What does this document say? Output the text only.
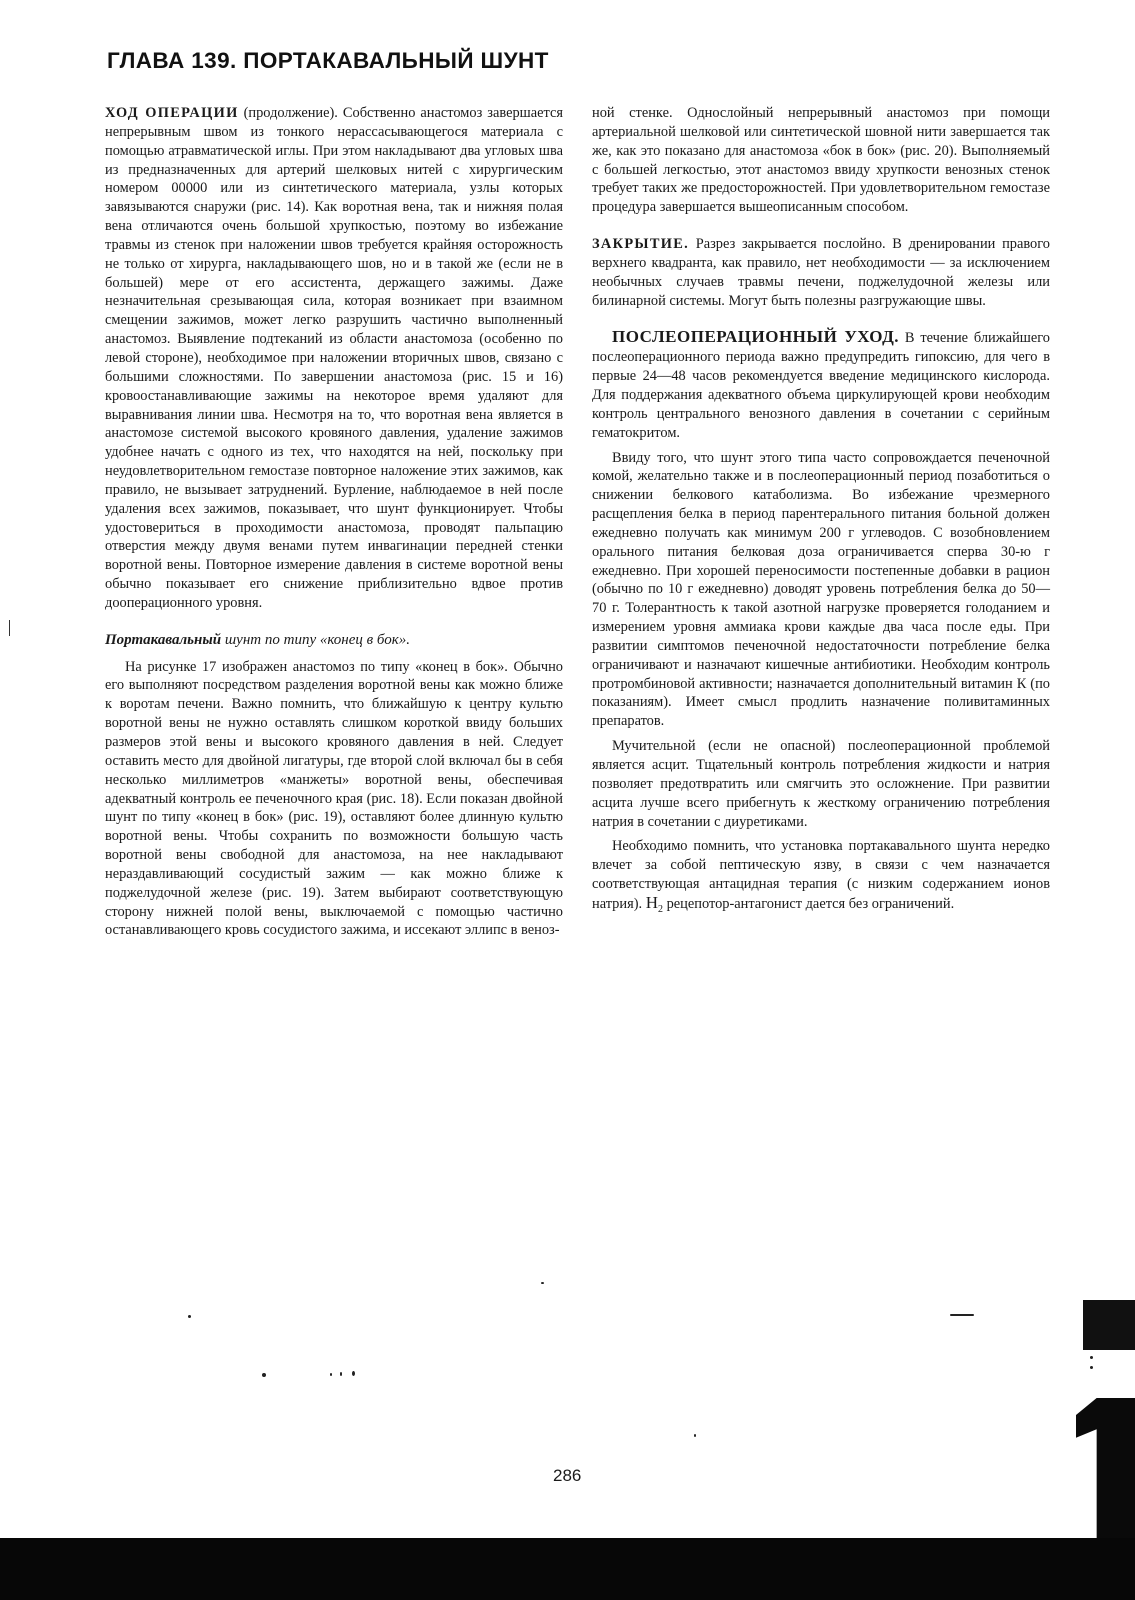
ГЛАВА 139. ПОРТАКАВАЛЬНЫЙ ШУНТ

ХОД ОПЕРАЦИИ (продолжение). Собственно анастомоз завершается непрерывным швом из тонкого нерассасывающегося материала с помощью атравматической иглы. При этом накладывают два угловых шва из предназначенных для артерий шелковых нитей с хирургическим номером 00000 или из синтетического материала, узлы которых завязываются снаружи (рис. 14). Как воротная вена, так и нижняя полая вена отличаются очень большой хрупкостью, поэтому во избежание травмы из стенок при наложении швов требуется крайняя осторожность не только от хирурга, накладывающего шов, но и в такой же (если не в большей) мере от его ассистента, держащего зажимы. Даже незначительная срезывающая сила, которая возникает при взаимном смещении зажимов, может легко разрушить частично выполненный анастомоз. Выявление подтеканий из области анастомоза (особенно по левой стороне), необходимое при наложении вторичных швов, связано с большими сложностями. По завершении анастомоза (рис. 15 и 16) кровоостанавливающие зажимы на некоторое время удаляют для выравнивания линии шва. Несмотря на то, что воротная вена является в анастомозе системой высокого кровяного давления, удаление зажимов удобнее начать с одного из тех, что находятся на ней, поскольку при неудовлетворительном гемостазе повторное наложение этих зажимов, как правило, не вызывает затруднений. Бурление, наблюдаемое в ней после удаления всех зажимов, показывает, что шунт функционирует. Чтобы удостовериться в проходимости анастомоза, проводят пальпацию отверстия между двумя венами путем инвагинации передней стенки воротной вены. Повторное измерение давления в системе воротной вены обычно показывает его снижение приблизительно вдвое против дооперационного уровня.

Портакавальный шунт по типу «конец в бок».

На рисунке 17 изображен анастомоз по типу «конец в бок». Обычно его выполняют посредством разделения воротной вены как можно ближе к воротам печени. Важно помнить, что ближайшую к центру культю воротной вены не нужно оставлять слишком короткой ввиду больших размеров этой вены и высокого кровяного давления в ней. Следует оставить место для двойной лигатуры, где второй слой включал бы в себя несколько миллиметров «манжеты» воротной вены, обеспечивая адекватный контроль ее печеночного края (рис. 18). Если показан двойной шунт по типу «конец в бок» (рис. 19), оставляют более длинную культю воротной вены. Чтобы сохранить по возможности большую часть воротной вены свободной для анастомоза, на нее накладывают нераздавливающий сосудистый зажим — как можно ближе к поджелудочной железе (рис. 19). Затем выбирают соответствующую сторону нижней полой вены, выключаемой с помощью частично останавливающего кровь сосудистого зажима, и иссекают эллипс в венoз-

ной стенке. Однослойный непрерывный анастомоз при помощи артериальной шелковой или синтетической шовной нити завершается так же, как это показано для анастомоза «бок в бок» (рис. 20). Выполняемый с большей легкостью, этот анастомоз ввиду хрупкости венозных стенок требует таких же предосторожностей. При удовлетворительном гемостазе процедура завершается вышеописанным способом.

ЗАКРЫТИЕ. Разрез закрывается послойно. В дренировании правого верхнего квадранта, как правило, нет необходимости — за исключением необычных случаев травмы печени, поджелудочной железы или билинарной системы. Могут быть полезны разгружающие швы.

ПОСЛЕОПЕРАЦИОННЫЙ УХОД. В течение ближайшего послеоперационного периода важно предупредить гипоксию, для чего в первые 24—48 часов рекомендуется введение медицинского кислорода. Для поддержания адекватного объема циркулирующей крови необходим контроль центрального венозного давления в сочетании с серийным гематокритом.

Ввиду того, что шунт этого типа часто сопровождается печеночной комой, желательно также и в послеоперационный период позаботиться о снижении белкового катаболизма. Во избежание чрезмерного расщепления белка в период парентерального питания больной должен ежедневно получать как минимум 200 г углеводов. С возобновлением орального питания белковая доза ограничивается сперва 30-ю г ежедневно. При хорошей переносимости постепенные добавки в рацион (обычно по 10 г ежедневно) доводят уровень потребления белка до 50—70 г. Толерантность к такой азотной нагрузке проверяется голоданием и измерением уровня аммиака крови каждые два часа после еды. При развитии симптомов печеночной недостаточности потребление белка ограничивают и назначают кишечные антибиотики. Необходим контроль протромбиновой активности; назначается дополнительный витамин К (по показаниям). Имеет смысл продлить назначение поливитаминных препаратов.

Мучительной (если не опасной) послеоперационной проблемой является асцит. Тщательный контроль потребления жидкости и натрия позволяет предотвратить или смягчить это осложнение. При развитии асцита лучше всего прибегнуть к жесткому ограничению потребления натрия в сочетании с диуретиками.

Необходимо помнить, что установка портакавального шунта нередко влечет за собой пептическую язву, в связи с чем назначается соответствующая антацидная терапия (с низким содержанием ионов натрия). $H_2$ рецепотор-антагонист дается без ограничений.

286
